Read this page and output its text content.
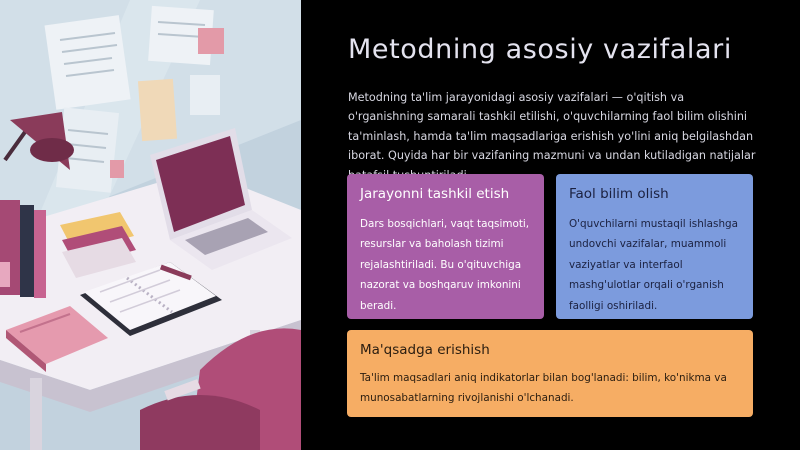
Metodning asosiy vazifalari
Metodning ta'lim jarayonidagi asosiy vazifalari — o'qitish va o'rganishning samarali tashkil etilishi, o'quvchilarning faol bilim olishini ta'minlash, hamda ta'lim maqsadlariga erishish yo'lini aniq belgilashdan iborat. Quyida har bir vazifaning mazmuni va undan kutiladigan natijalar
Jarayonni tashkil etish
Dars bosqichlari, vaqt taqsimoti, resurslar va baholash tizimi rejalashtiriladi. Bu o'qituvchiga nazorat va boshqaruv imkonini beradi.
Faol bilim olish
O'quvchilarni mustaqil ishlashga undovchi vazifalar, muammoli vaziyatlar va interfaol mashg'ulotlar orqali o'rganish faolligi oshiriladi.
Ma'qsadga erishish
Ta'lim maqsadlari aniq indikatorlar bilan bog'lanadi: bilim, ko'nikma va munosabatlarning rivojlanishi o'lchanadi.
